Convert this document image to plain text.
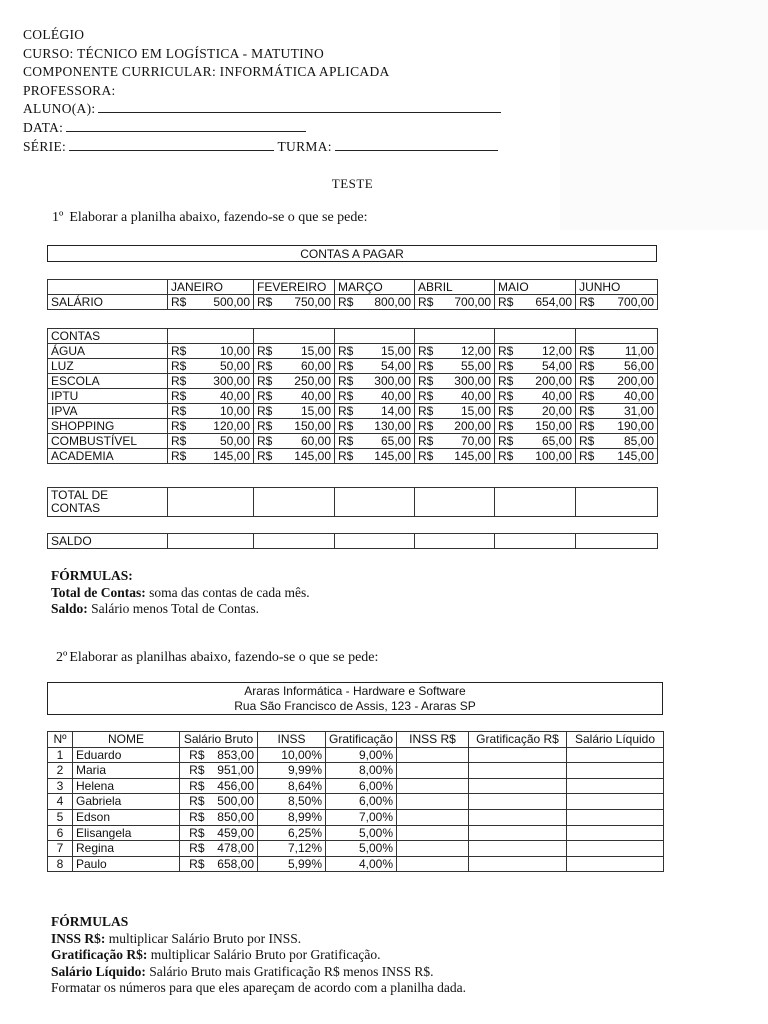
COLÉGIO
CURSO: TÉCNICO EM LOGÍSTICA - MATUTINO
COMPONENTE CURRICULAR: INFORMÁTICA APLICADA
PROFESSORA:
ALUNO(A):
DATA:
SÉRIE:	TURMA:
TESTE
1º Elaborar a planilha abaixo, fazendo-se o que se pede:
CONTAS A PAGAR
	JANEIRO		FEVEREIRO		MARÇO		ABRIL		MAIO		JUNHO	
SALÁRIO	R$	500,00	R$	750,00	R$	800,00	R$	700,00	R$	654,00	R$	700,00
CONTAS												
ÁGUA	R$	10,00	R$	15,00	R$	15,00	R$	12,00	R$	12,00	R$	11,00
LUZ	R$	50,00	R$	60,00	R$	54,00	R$	55,00	R$	54,00	R$	56,00
ESCOLA	R$	300,00	R$	250,00	R$	300,00	R$	300,00	R$	200,00	R$	200,00
IPTU	R$	40,00	R$	40,00	R$	40,00	R$	40,00	R$	40,00	R$	40,00
IPVA	R$	10,00	R$	15,00	R$	14,00	R$	15,00	R$	20,00	R$	31,00
SHOPPING	R$	120,00	R$	150,00	R$	130,00	R$	200,00	R$	150,00	R$	190,00
COMBUSTÍVEL	R$	50,00	R$	60,00	R$	65,00	R$	70,00	R$	65,00	R$	85,00
ACADEMIA	R$	145,00	R$	145,00	R$	145,00	R$	145,00	R$	100,00	R$	145,00
TOTAL DE
CONTAS						
SALDO						
FÓRMULAS:
Total de Contas: soma das contas de cada mês.
Saldo: Salário menos Total de Contas.
2º Elaborar as planilhas abaixo, fazendo-se o que se pede:
Araras Informática - Hardware e Software
Rua São Francisco de Assis, 123 - Araras SP
Nº	NOME	Salário Bruto		INSS	Gratificação	INSS R$	Gratificação R$	Salário Líquido
1	Eduardo	R$	853,00	10,00%	9,00%			
2	Maria	R$	951,00	9,99%	8,00%			
3	Helena	R$	456,00	8,64%	6,00%			
4	Gabriela	R$	500,00	8,50%	6,00%			
5	Edson	R$	850,00	8,99%	7,00%			
6	Elisangela	R$	459,00	6,25%	5,00%			
7	Regina	R$	478,00	7,12%	5,00%			
8	Paulo	R$	658,00	5,99%	4,00%			
FÓRMULAS
INSS R$: multiplicar Salário Bruto por INSS.
Gratificação R$: multiplicar Salário Bruto por Gratificação.
Salário Líquido: Salário Bruto mais Gratificação R$ menos INSS R$.
Formatar os números para que eles apareçam de acordo com a planilha dada.
